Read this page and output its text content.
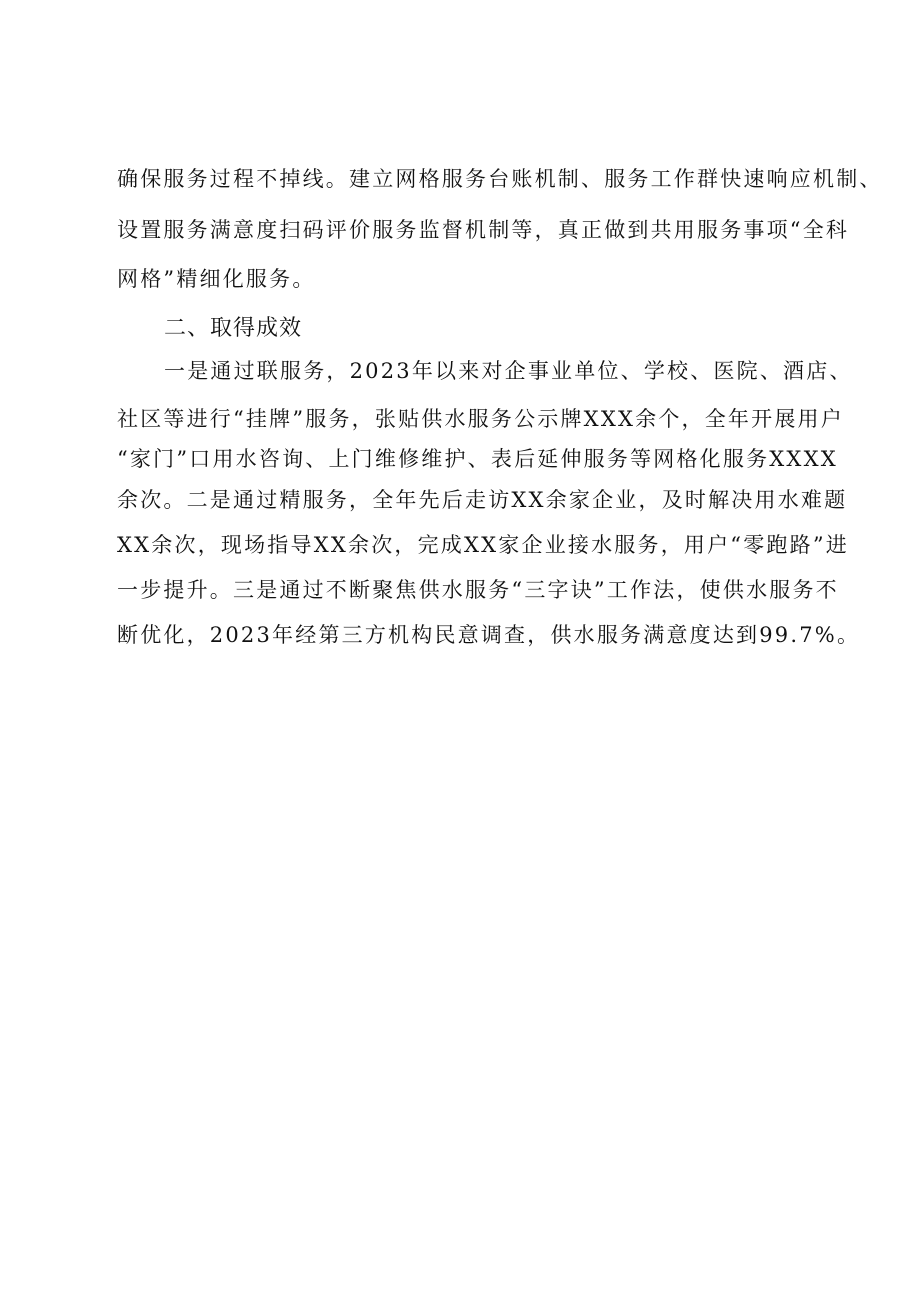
确保服务过程不掉线。建立网格服务台账机制、服务工作群快速响应机制、
设置服务满意度扫码评价服务监督机制等，真正做到共用服务事项“全科
网格”精细化服务。
二、取得成效
一是通过联服务，2023年以来对企事业单位、学校、医院、酒店、
社区等进行“挂牌”服务，张贴供水服务公示牌XXX余个，全年开展用户
“家门”口用水咨询、上门维修维护、表后延伸服务等网格化服务XXXX
余次。二是通过精服务，全年先后走访XX余家企业，及时解决用水难题
XX余次，现场指导XX余次，完成XX家企业接水服务，用户“零跑路”进
一步提升。三是通过不断聚焦供水服务“三字诀”工作法，使供水服务不
断优化，2023年经第三方机构民意调查，供水服务满意度达到99.7%。
